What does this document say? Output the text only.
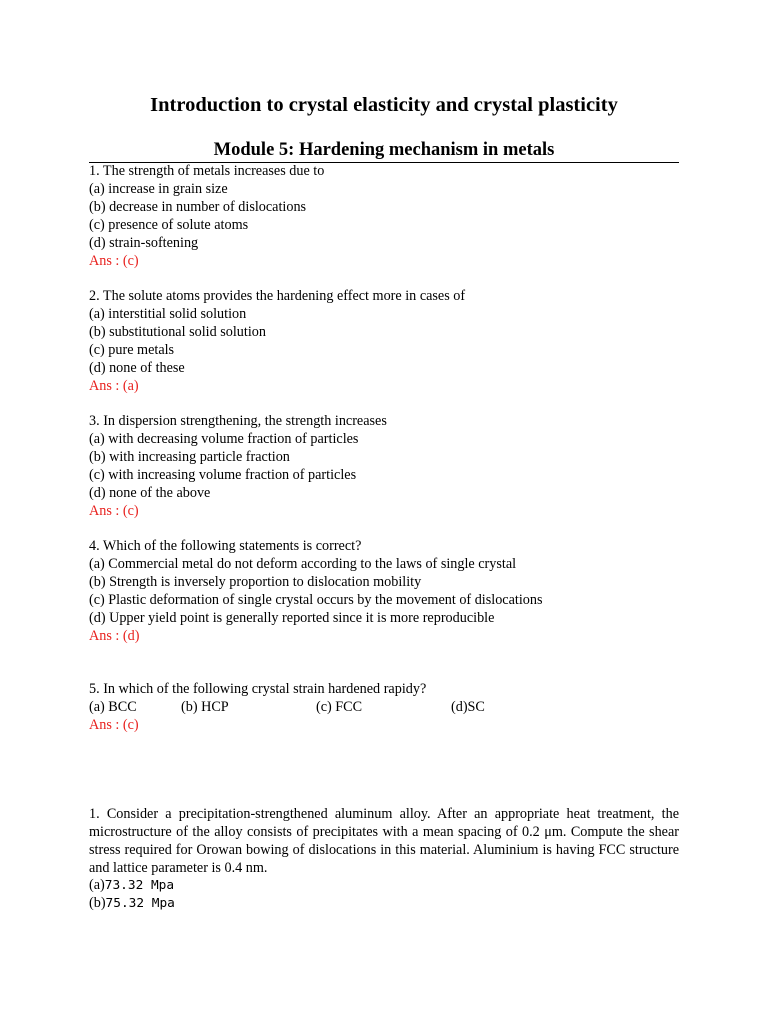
Introduction to crystal elasticity and crystal plasticity
Module 5: Hardening mechanism in metals
1. The strength of metals increases due to
(a) increase in grain size
(b) decrease in number of dislocations
(c) presence of solute atoms
(d) strain-softening
Ans : (c)
2. The solute atoms provides the hardening effect more in cases of
(a) interstitial solid solution
(b) substitutional solid solution
(c) pure metals
(d) none of these
Ans : (a)
3. In dispersion strengthening, the strength increases
(a) with decreasing volume fraction of particles
(b) with increasing particle fraction
(c) with increasing volume fraction of particles
(d) none of the above
Ans : (c)
4. Which of the following statements is correct?
(a) Commercial metal do not deform according to the laws of single crystal
(b) Strength is inversely proportion to dislocation mobility
(c) Plastic deformation of single crystal occurs by the movement of dislocations
(d) Upper yield point is generally reported since it is more reproducible
Ans : (d)
5. In which of the following crystal strain hardened rapidy?
(a) BCC	(b) HCP	(c) FCC	(d)SC
Ans : (c)

1. Consider a precipitation-strengthened aluminum alloy. After an appropriate heat treatment, the microstructure of the alloy consists of precipitates with a mean spacing of 0.2 μm. Compute the shear stress required for Orowan bowing of dislocations in this material. Aluminium is having FCC structure and lattice parameter is 0.4 nm.

(a)73.32 Mpa
(b)75.32 Mpa
